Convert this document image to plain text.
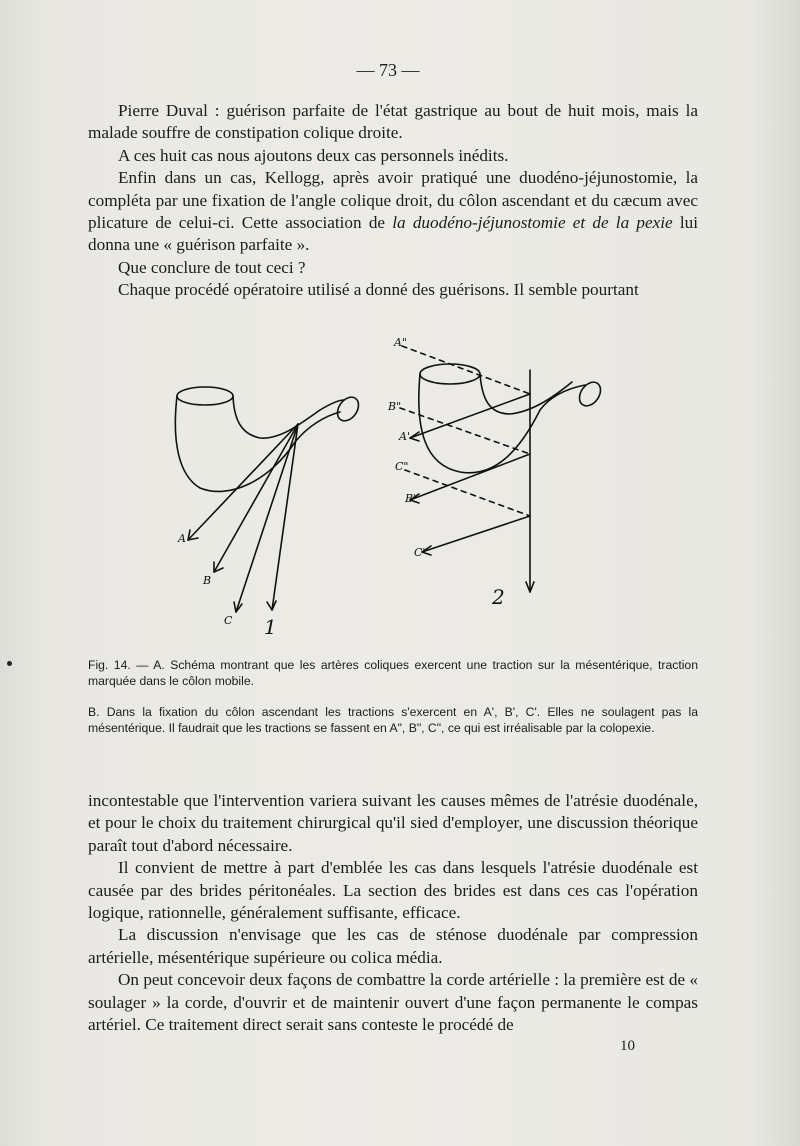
— 73 —

Pierre Duval : guérison parfaite de l'état gastrique au bout de huit mois, mais la malade souffre de constipation colique droite.

A ces huit cas nous ajoutons deux cas personnels inédits.

Enfin dans un cas, Kellogg, après avoir pratiqué une duodéno-jéjunostomie, la compléta par une fixation de l'angle colique droit, du côlon ascendant et du cæcum avec plicature de celui-ci. Cette association de la duodéno-jéjunostomie et de la pexie lui donna une « guérison parfaite ».

Que conclure de tout ceci ?

Chaque procédé opératoire utilisé a donné des guérisons. Il semble pourtant

A
B
C 1
A"
B"
A'
C"
B'
C'
2
Fig. 14. — A. Schéma montrant que les artères coliques exercent une traction sur la mésentérique, traction marquée dans le côlon mobile.
B. Dans la fixation du côlon ascendant les tractions s'exercent en A', B', C'. Elles ne soulagent pas la mésentérique. Il faudrait que les tractions se fassent en A", B", C", ce qui est irréalisable par la colopexie.

incontestable que l'intervention variera suivant les causes mêmes de l'atrésie duodénale, et pour le choix du traitement chirurgical qu'il sied d'employer, une discussion théorique paraît tout d'abord nécessaire.

Il convient de mettre à part d'emblée les cas dans lesquels l'atrésie duodénale est causée par des brides péritonéales. La section des brides est dans ces cas l'opération logique, rationnelle, généralement suffisante, efficace.

La discussion n'envisage que les cas de sténose duodénale par compression artérielle, mésentérique supérieure ou colica média.

On peut concevoir deux façons de combattre la corde artérielle : la première est de « soulager » la corde, d'ouvrir et de maintenir ouvert d'une façon permanente le compas artériel. Ce traitement direct serait sans conteste le procédé de

10
